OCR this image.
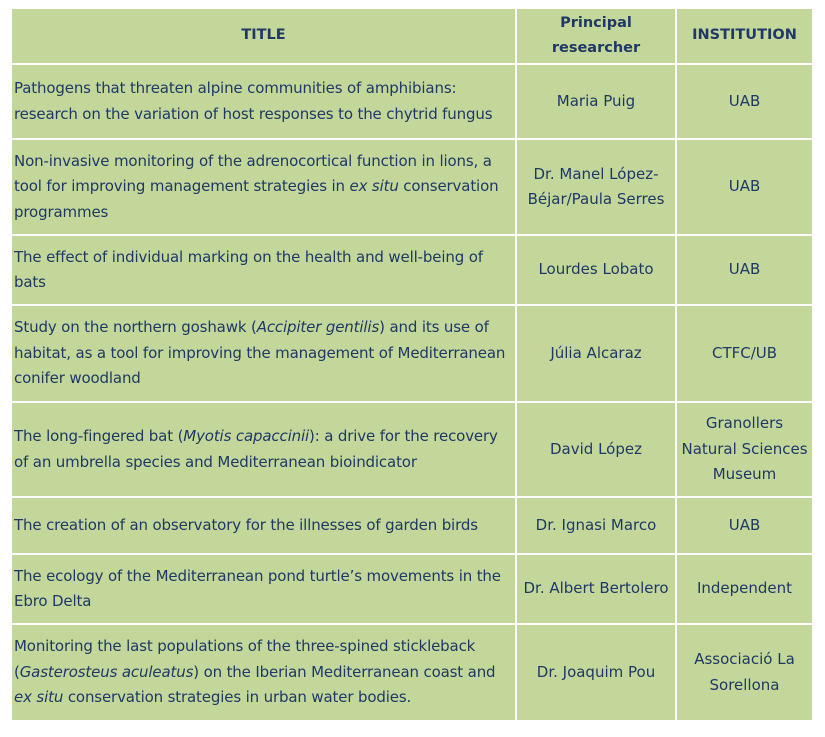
TITLE	Principal researcher	INSTITUTION
Pathogens that threaten alpine communities of amphibians: research on the variation of host responses to the chytrid fungus	Maria Puig	UAB
Non-invasive monitoring of the adrenocortical function in lions, a tool for improving management strategies in ex situ conservation programmes	Dr. Manel López-Béjar/Paula Serres	UAB
The effect of individual marking on the health and well-being of bats	Lourdes Lobato	UAB
Study on the northern goshawk (Accipiter gentilis) and its use of habitat, as a tool for improving the management of Mediterranean conifer woodland	Júlia Alcaraz	CTFC/UB
The long-fingered bat (Myotis capaccinii): a drive for the recovery of an umbrella species and Mediterranean bioindicator	David López	Granollers Natural Sciences Museum
The creation of an observatory for the illnesses of garden birds	Dr. Ignasi Marco	UAB
The ecology of the Mediterranean pond turtle’s movements in the Ebro Delta	Dr. Albert Bertolero	Independent
Monitoring the last populations of the three-spined stickleback (Gasterosteus aculeatus) on the Iberian Mediterranean coast and ex situ conservation strategies in urban water bodies.	Dr. Joaquim Pou	Associació La Sorellona
